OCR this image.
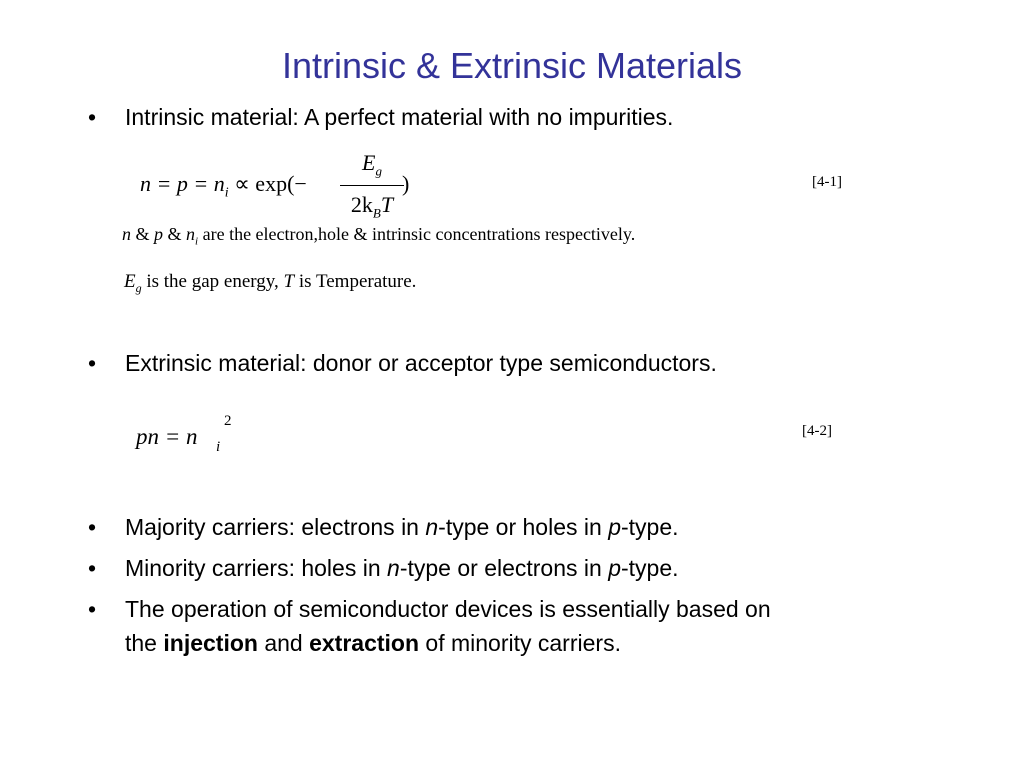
Intrinsic & Extrinsic Materials
• Intrinsic material: A perfect material with no impurities.
$n = p = n_i \propto \exp(-$
$E_g$
$2k_BT$
)	[4-1]
n & p & $n_i$ are the electron,hole & intrinsic concentrations respectively.
$E_g$ is the gap energy, T is Temperature.
• Extrinsic material: donor or acceptor type semiconductors.
pn = n i
2
[4-2]
• Majority carriers: electrons in n-type or holes in p-type.
• Minority carriers: holes in n-type or electrons in p-type.
• The operation of semiconductor devices is essentially based on
the injection and extraction of minority carriers.
